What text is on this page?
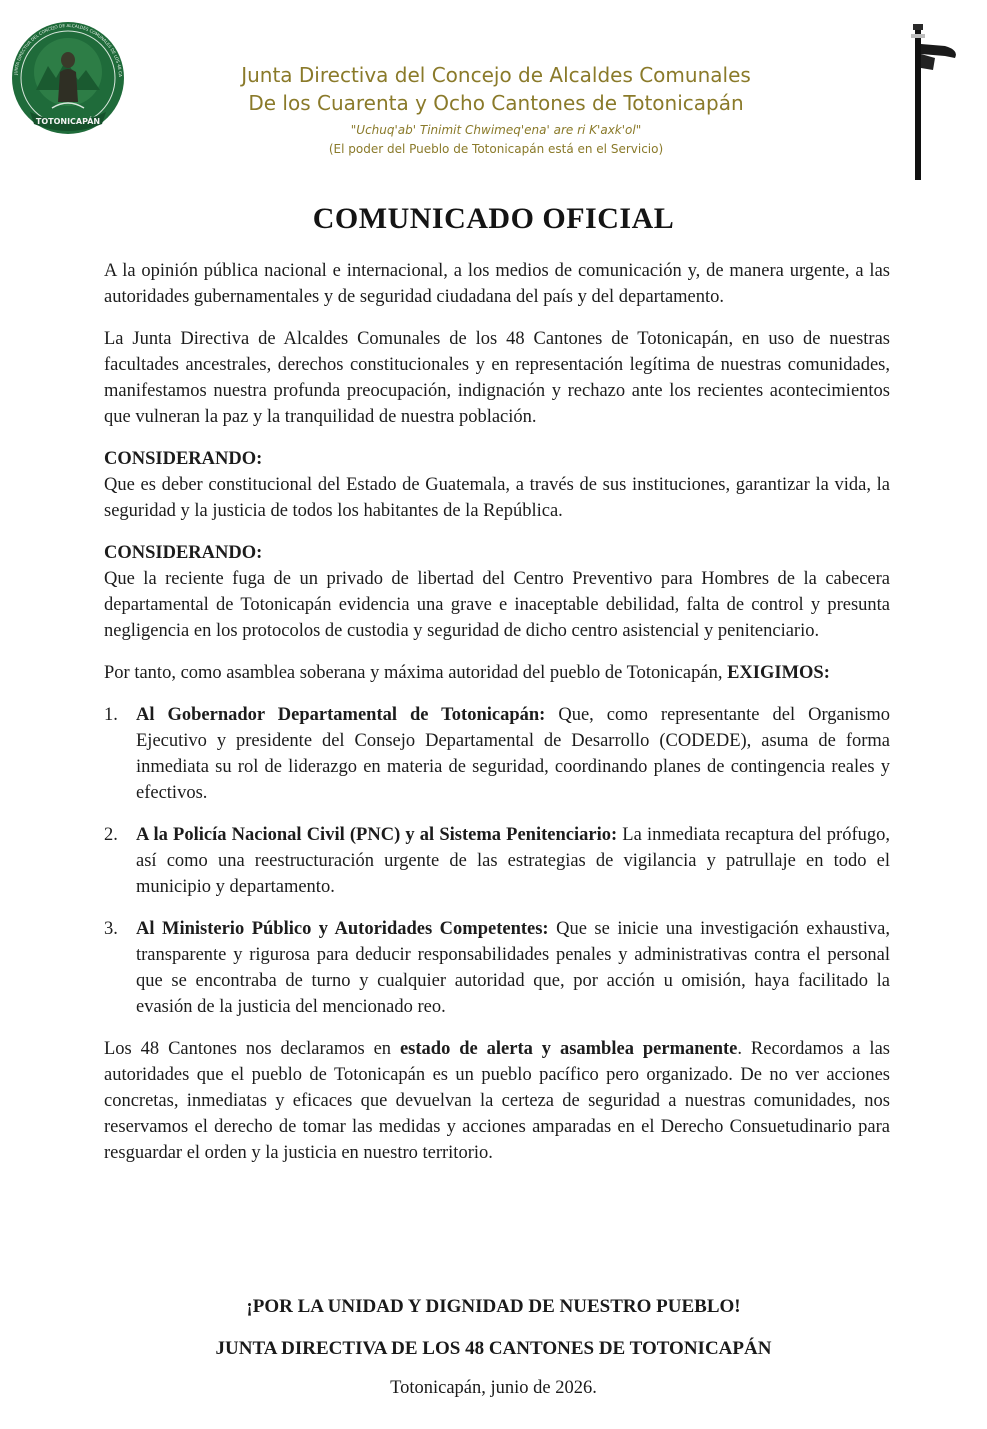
TOTONICAPÁN
JUNTA DIRECTIVA DEL CONCEJO DE ALCALDES COMUNALES DE LOS 48 CA	Junta Directiva del Concejo de Alcaldes Comunales
De los Cuarenta y Ocho Cantones de Totonicapán
"Uchuq'ab' Tinimit Chwimeq'ena' are ri K'axk'ol"
(El poder del Pueblo de Totonicapán está en el Servicio)
COMUNICADO OFICIAL

A la opinión pública nacional e internacional, a los medios de comunicación y, de manera urgente, a las autoridades gubernamentales y de seguridad ciudadana del país y del departamento.

La Junta Directiva de Alcaldes Comunales de los 48 Cantones de Totonicapán, en uso de nuestras facultades ancestrales, derechos constitucionales y en representación legítima de nuestras comunidades, manifestamos nuestra profunda preocupación, indignación y rechazo ante los recientes acontecimientos que vulneran la paz y la tranquilidad de nuestra población.

CONSIDERANDO:

Que es deber constitucional del Estado de Guatemala, a través de sus instituciones, garantizar la vida, la seguridad y la justicia de todos los habitantes de la República.

CONSIDERANDO:

Que la reciente fuga de un privado de libertad del Centro Preventivo para Hombres de la cabecera departamental de Totonicapán evidencia una grave e inaceptable debilidad, falta de control y presunta negligencia en los protocolos de custodia y seguridad de dicho centro asistencial y penitenciario.

Por tanto, como asamblea soberana y máxima autoridad del pueblo de Totonicapán, EXIGIMOS:

1. Al Gobernador Departamental de Totonicapán: Que, como representante del Organismo Ejecutivo y presidente del Consejo Departamental de Desarrollo (CODEDE), asuma de forma inmediata su rol de liderazgo en materia de seguridad, coordinando planes de contingencia reales y efectivos.
2. A la Policía Nacional Civil (PNC) y al Sistema Penitenciario: La inmediata recaptura del prófugo, así como una reestructuración urgente de las estrategias de vigilancia y patrullaje en todo el municipio y departamento.
3. Al Ministerio Público y Autoridades Competentes: Que se inicie una investigación exhaustiva, transparente y rigurosa para deducir responsabilidades penales y administrativas contra el personal que se encontraba de turno y cualquier autoridad que, por acción u omisión, haya facilitado la evasión de la justicia del mencionado reo.

Los 48 Cantones nos declaramos en estado de alerta y asamblea permanente. Recordamos a las autoridades que el pueblo de Totonicapán es un pueblo pacífico pero organizado. De no ver acciones concretas, inmediatas y eficaces que devuelvan la certeza de seguridad a nuestras comunidades, nos reservamos el derecho de tomar las medidas y acciones amparadas en el Derecho Consuetudinario para resguardar el orden y la justicia en nuestro territorio.

¡POR LA UNIDAD Y DIGNIDAD DE NUESTRO PUEBLO!
JUNTA DIRECTIVA DE LOS 48 CANTONES DE TOTONICAPÁN
Totonicapán, junio de 2026.
